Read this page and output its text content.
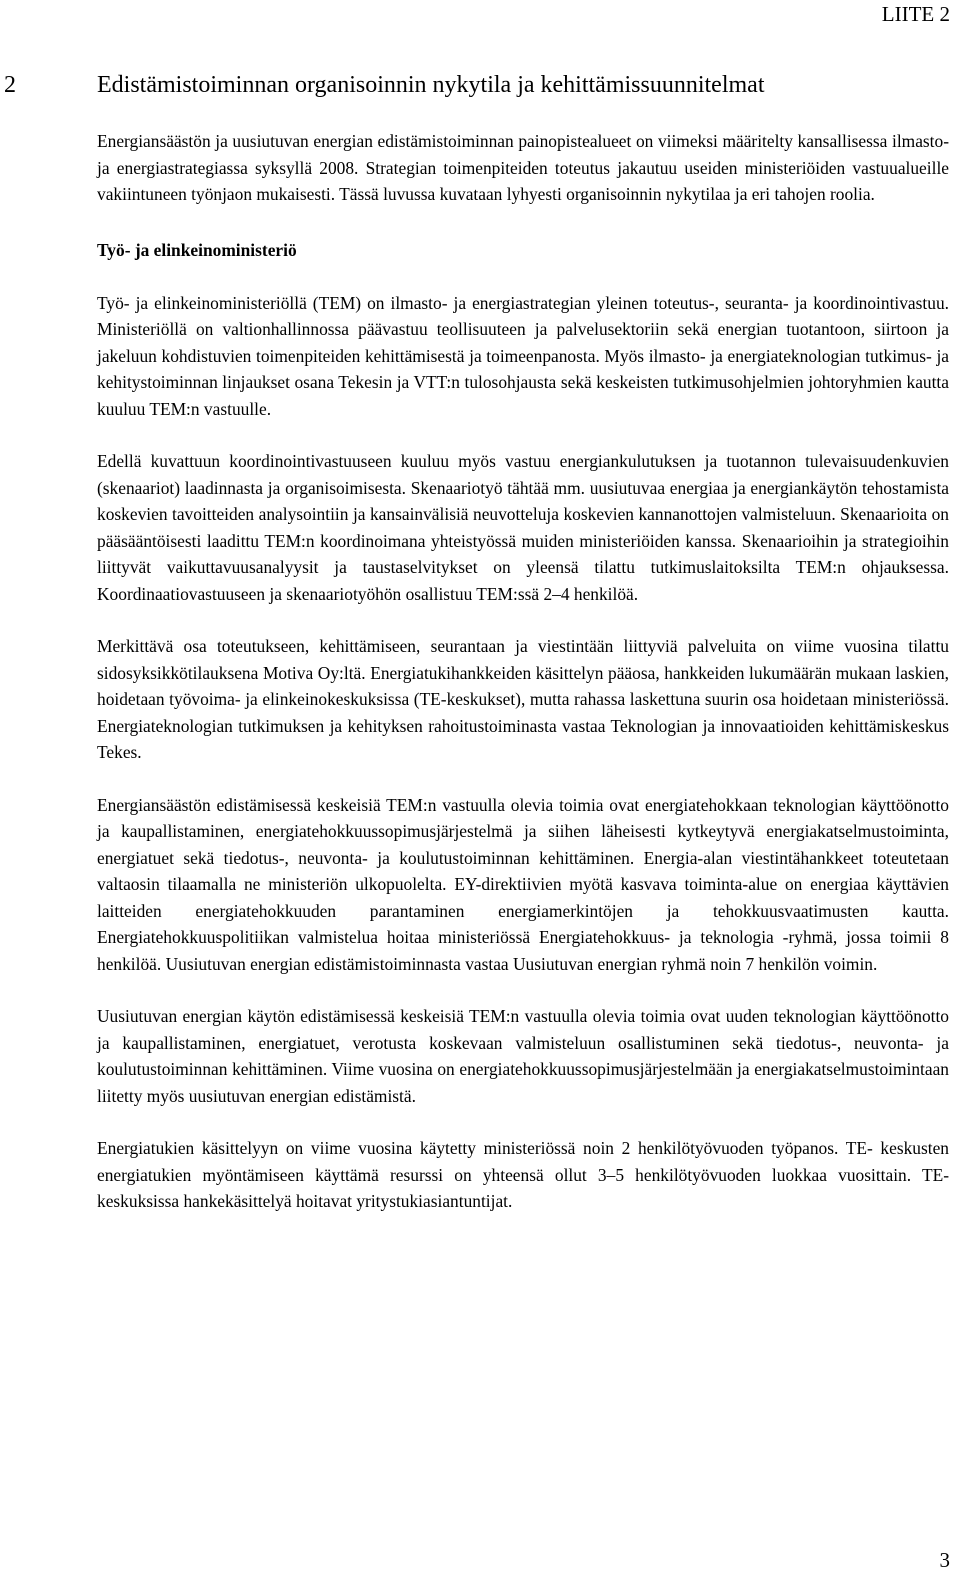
LIITE 2
2	Edistämistoiminnan organisoinnin nykytila ja kehittämissuunnitelmat

Energiansäästön ja uusiutuvan energian edistämistoiminnan painopistealueet on viimeksi määritelty kansallisessa ilmasto- ja energiastrategiassa syksyllä 2008. Strategian toimenpiteiden toteutus jakautuu useiden ministeriöiden vastuualueille vakiintuneen työnjaon mukaisesti. Tässä luvussa kuvataan lyhyesti organisoinnin nykytilaa ja eri tahojen roolia.

Työ- ja elinkeinoministeriö

Työ- ja elinkeinoministeriöllä (TEM) on ilmasto- ja energiastrategian yleinen toteutus-, seuranta- ja koordinointivastuu. Ministeriöllä on valtionhallinnossa päävastuu teollisuuteen ja palvelusektoriin sekä energian tuotantoon, siirtoon ja jakeluun kohdistuvien toimenpiteiden kehittämisestä ja toimeenpanosta. Myös ilmasto- ja energiateknologian tutkimus- ja kehitystoiminnan linjaukset osana Tekesin ja VTT:n tulosohjausta sekä keskeisten tutkimusohjelmien johtoryhmien kautta kuuluu TEM:n vastuulle.

Edellä kuvattuun koordinointivastuuseen kuuluu myös vastuu energiankulutuksen ja tuotannon tulevaisuudenkuvien (skenaariot) laadinnasta ja organisoimisesta. Skenaariotyö tähtää mm. uusiutuvaa energiaa ja energiankäytön tehostamista koskevien tavoitteiden analysointiin ja kansainvälisiä neuvotteluja koskevien kannanottojen valmisteluun. Skenaarioita on pääsääntöisesti laadittu TEM:n koordinoimana yhteistyössä muiden ministeriöiden kanssa. Skenaarioihin ja strategioihin liittyvät vaikuttavuusanalyysit ja taustaselvitykset on yleensä tilattu tutkimuslaitoksilta TEM:n ohjauksessa. Koordinaatiovastuuseen ja skenaariotyöhön osallistuu TEM:ssä 2–4 henkilöä.

Merkittävä osa toteutukseen, kehittämiseen, seurantaan ja viestintään liittyviä palveluita on viime vuosina tilattu sidosyksikkötilauksena Motiva Oy:ltä. Energiatukihankkeiden käsittelyn pääosa, hankkeiden lukumäärän mukaan laskien, hoidetaan työvoima- ja elinkeinokeskuksissa (TE-keskukset), mutta rahassa laskettuna suurin osa hoidetaan ministeriössä. Energiateknologian tutkimuksen ja kehityksen rahoitustoiminasta vastaa Teknologian ja innovaatioiden kehittämiskeskus Tekes.

Energiansäästön edistämisessä keskeisiä TEM:n vastuulla olevia toimia ovat energiatehokkaan teknologian käyttöönotto ja kaupallistaminen, energiatehokkuussopimusjärjestelmä ja siihen läheisesti kytkeytyvä energiakatselmustoiminta, energiatuet sekä tiedotus-, neuvonta- ja koulutustoiminnan kehittäminen. Energia-alan viestintähankkeet toteutetaan valtaosin tilaamalla ne ministeriön ulkopuolelta. EY-direktiivien myötä kasvava toiminta-alue on energiaa käyttävien laitteiden energiatehokkuuden parantaminen energiamerkintöjen ja tehokkuusvaatimusten kautta. Energiatehokkuuspolitiikan valmistelua hoitaa ministeriössä Energiatehokkuus- ja teknologia -ryhmä, jossa toimii 8 henkilöä. Uusiutuvan energian edistämistoiminnasta vastaa Uusiutuvan energian ryhmä noin 7 henkilön voimin.

Uusiutuvan energian käytön edistämisessä keskeisiä TEM:n vastuulla olevia toimia ovat uuden teknologian käyttöönotto ja kaupallistaminen, energiatuet, verotusta koskevaan valmisteluun osallistuminen sekä tiedotus-, neuvonta- ja koulutustoiminnan kehittäminen. Viime vuosina on energiatehokkuussopimusjärjestelmään ja energiakatselmustoimintaan liitetty myös uusiutuvan energian edistämistä.

Energiatukien käsittelyyn on viime vuosina käytetty ministeriössä noin 2 henkilötyövuoden työpanos. TE- keskusten energiatukien myöntämiseen käyttämä resurssi on yhteensä ollut 3–5 henkilötyövuoden luokkaa vuosittain. TE-keskuksissa hankekäsittelyä hoitavat yritystukiasiantuntijat.

3
